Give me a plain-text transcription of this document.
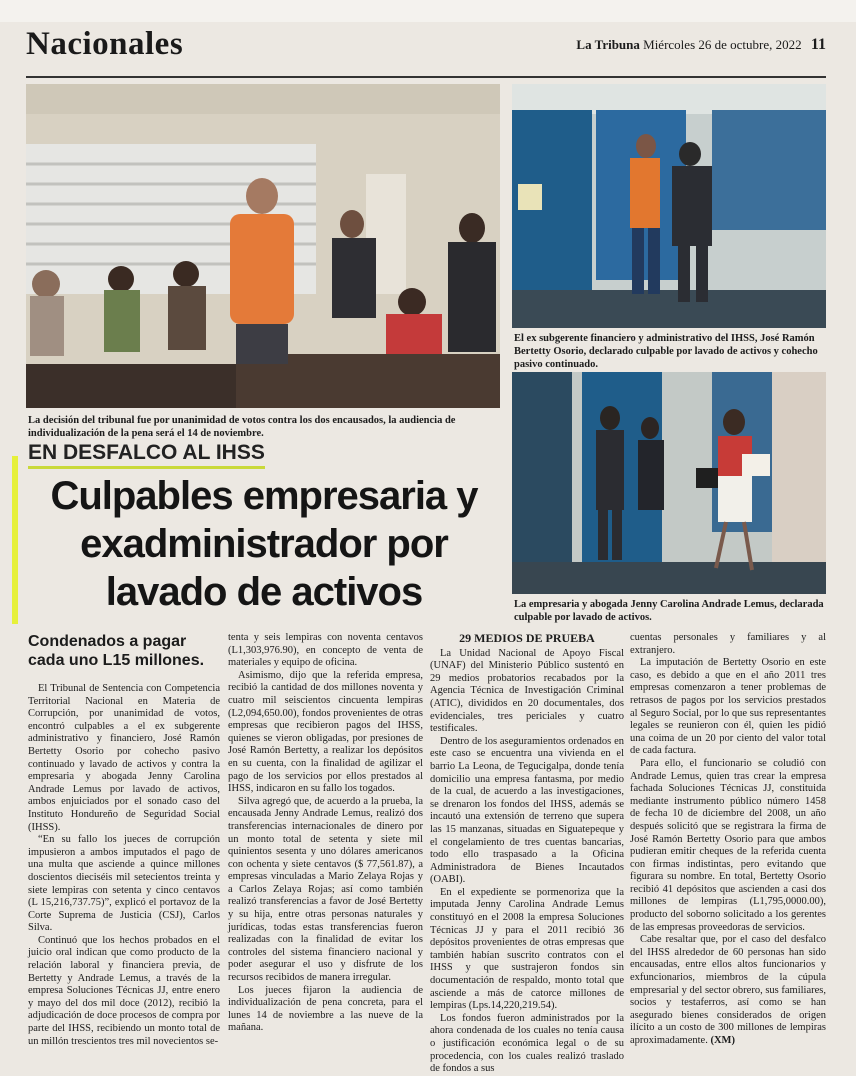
Nacionales	La Tribuna Miércoles 26 de octubre, 2022 11
La decisión del tribunal fue por unanimidad de votos contra los dos encausados, la audiencia de individualización de la pena será el 14 de noviembre.
El ex subgerente financiero y administrativo del IHSS, José Ramón Bertetty Osorio, declarado culpable por lavado de activos y cohecho pasivo continuado.
La empresaria y abogada Jenny Carolina Andrade Lemus, declarada culpable por lavado de activos.
EN DESFALCO AL IHSS
Culpables empresaria y exadministrador por lavado de activos
Condenados a pagar cada uno L15 millones.

El Tribunal de Sentencia con Competencia Territorial Nacional en Materia de Corrupción, por unanimidad de votos, encontró culpables a el ex subgerente administrativo y financiero, José Ramón Bertetty Osorio por cohecho pasivo continuado y lavado de activos y contra la empresaria y abogada Jenny Carolina Andrade Lemus por lavado de activos, ambos enjuiciados por el sonado caso del Instituto Hondureño de Seguridad Social (IHSS).

“En su fallo los jueces de corrupción impusieron a ambos imputados el pago de una multa que asciende a quince millones doscientos dieciséis mil setecientos treinta y siete lempiras con setenta y cinco centavos (L 15,216,737.75)”, explicó el portavoz de la Corte Suprema de Justicia (CSJ), Carlos Silva.

Continuó que los hechos probados en el juicio oral indican que como producto de la relación laboral y financiera previa, de Bertetty y Andrade Lemus, a través de la empresa Soluciones Técnicas JJ, entre enero y mayo del dos mil doce (2012), recibió la adjudicación de doce procesos de compra por parte del IHSS, recibiendo un monto total de un millón trescientos tres mil novecientos se-

tenta y seis lempiras con noventa centavos (L1,303,976.90), en concepto de venta de materiales y equipo de oficina.

Asimismo, dijo que la referida empresa, recibió la cantidad de dos millones noventa y cuatro mil seiscientos cincuenta lempiras (L2,094,650.00), fondos provenientes de otras empresas que recibieron pagos del IHSS, quienes se vieron obligadas, por presiones de José Ramón Bertetty, a realizar los depósitos en su cuenta, con la finalidad de agilizar el pago de los servicios por ellos prestados al IHSS, indicaron en su fallo los togados.

Silva agregó que, de acuerdo a la prueba, la encausada Jenny Andrade Lemus, realizó dos transferencias internacionales de dinero por un monto total de setenta y siete mil quinientos sesenta y uno dólares americanos con ochenta y siete centavos ($ 77,561.87), a empresas vinculadas a Mario Zelaya Rojas y a Carlos Zelaya Rojas; así como también realizó transferencias a favor de José Bertetty y su hija, entre otras personas naturales y jurídicas, todas estas transferencias fueron realizadas con la finalidad de evitar los controles del sistema financiero nacional y poder asegurar el uso y disfrute de los recursos recibidos de manera irregular.

Los jueces fijaron la audiencia de individualización de pena concreta, para el lunes 14 de noviembre a las nueve de la mañana.

29 MEDIOS DE PRUEBA

La Unidad Nacional de Apoyo Fiscal (UNAF) del Ministerio Público sustentó en 29 medios probatorios recabados por la Agencia Técnica de Investigación Criminal (ATIC), divididos en 20 documentales, dos evidenciales, tres periciales y cuatro testificales.

Dentro de los aseguramientos ordenados en este caso se encuentra una vivienda en el barrio La Leona, de Tegucigalpa, donde tenía domicilio una empresa fantasma, por medio de la cual, de acuerdo a las investigaciones, se drenaron los fondos del IHSS, además se incautó una extensión de terreno que supera las 15 manzanas, situadas en Siguatepeque y el congelamiento de tres cuentas bancarias, todo ello traspasado a la Oficina Administradora de Bienes Incautados (OABI).

En el expediente se pormenoriza que la imputada Jenny Carolina Andrade Lemus constituyó en el 2008 la empresa Soluciones Técnicas JJ y para el 2011 recibió 36 depósitos provenientes de otras empresas que también habían suscrito contratos con el IHSS y que sustrajeron fondos sin documentación de respaldo, monto total que asciende a más de catorce millones de lempiras (Lps.14,220,219.54).

Los fondos fueron administrados por la ahora condenada de los cuales no tenía causa o justificación económica legal o de su procedencia, con los cuales realizó traslado de fondos a sus

cuentas personales y familiares y al extranjero.

La imputación de Bertetty Osorio en este caso, es debido a que en el año 2011 tres empresas comenzaron a tener problemas de retrasos de pagos por los servicios prestados al Seguro Social, por lo que sus representantes legales se reunieron con él, quien les pidió una coima de un 20 por ciento del valor total de cada factura.

Para ello, el funcionario se coludió con Andrade Lemus, quien tras crear la empresa fachada Soluciones Técnicas JJ, constituida mediante instrumento público número 1458 de fecha 10 de diciembre del 2008, un año después solicitó que se registrara la firma de José Ramón Bertetty Osorio para que ambos pudieran emitir cheques de la referida cuenta con firmas indistintas, pero evitando que figurara su nombre. En total, Bertetty Osorio recibió 41 depósitos que ascienden a casi dos millones de lempiras (L1,795,0000.00), producto del soborno solicitado a los gerentes de las empresas proveedoras de servicios.

Cabe resaltar que, por el caso del desfalco del IHSS alrededor de 60 personas han sido encausadas, entre ellos altos funcionarios y exfuncionarios, miembros de la cúpula empresarial y del sector obrero, sus familiares, socios y testaferros, así como se han asegurado bienes considerados de origen ilícito a un costo de 300 millones de lempiras aproximadamente. (XM)
